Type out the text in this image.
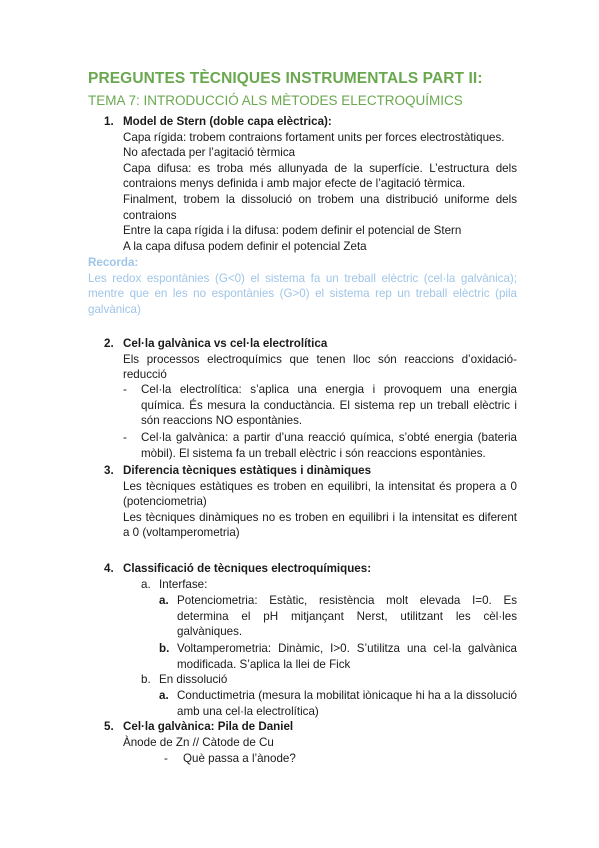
PREGUNTES TÈCNIQUES INSTRUMENTALS PART II:
TEMA 7: INTRODUCCIÓ ALS MÈTODES ELECTROQUÍMICS
1. Model de Stern (doble capa elèctrica):
Capa rígida: trobem contraions fortament units per forces electrostàtiques.
No afectada per l’agitació tèrmica
Capa difusa: es troba més allunyada de la superfície. L’estructura dels contraions menys definida i amb major efecte de l’agitació tèrmica.
Finalment, trobem la dissolució on trobem una distribució uniforme dels contraions
Entre la capa rígida i la difusa: podem definir el potencial de Stern
A la capa difusa podem definir el potencial Zeta
Recorda:
Les redox espontànies (G<0) el sistema fa un treball elèctric (cel·la galvànica); mentre que en les no espontànies (G>0) el sistema rep un treball elèctric (pila galvànica)
2. Cel·la galvànica vs cel·la electrolítica
Els processos electroquímics que tenen lloc són reaccions d’oxidació-reducció
- Cel·la electrolítica: s’aplica una energia i provoquem una energia química. És mesura la conductància. El sistema rep un treball elèctric i són reaccions NO espontànies.
- Cel·la galvànica: a partir d’una reacció química, s’obté energia (bateria mòbil). El sistema fa un treball elèctric i són reaccions espontànies.
3. Diferencia tècniques estàtiques i dinàmiques
Les tècniques estàtiques es troben en equilibri, la intensitat és propera a 0 (potenciometria)
Les tècniques dinàmiques no es troben en equilibri i la intensitat es diferent a 0 (voltamperometria)
4. Classificació de tècniques electroquímiques:
a. Interfase:
a. Potenciometria: Estàtic, resistència molt elevada I=0. Es determina el pH mitjançant Nerst, utilitzant les cèl·les galvàniques.
b. Voltamperometria: Dinàmic, I>0. S’utilitza una cel·la galvànica modificada. S’aplica la llei de Fick
b. En dissolució
a. Conductimetria (mesura la mobilitat iònicaque hi ha a la dissolució amb una cel·la electrolítica)
5. Cel·la galvànica: Pila de Daniel
Ànode de Zn // Càtode de Cu
- Què passa a l’ànode?
